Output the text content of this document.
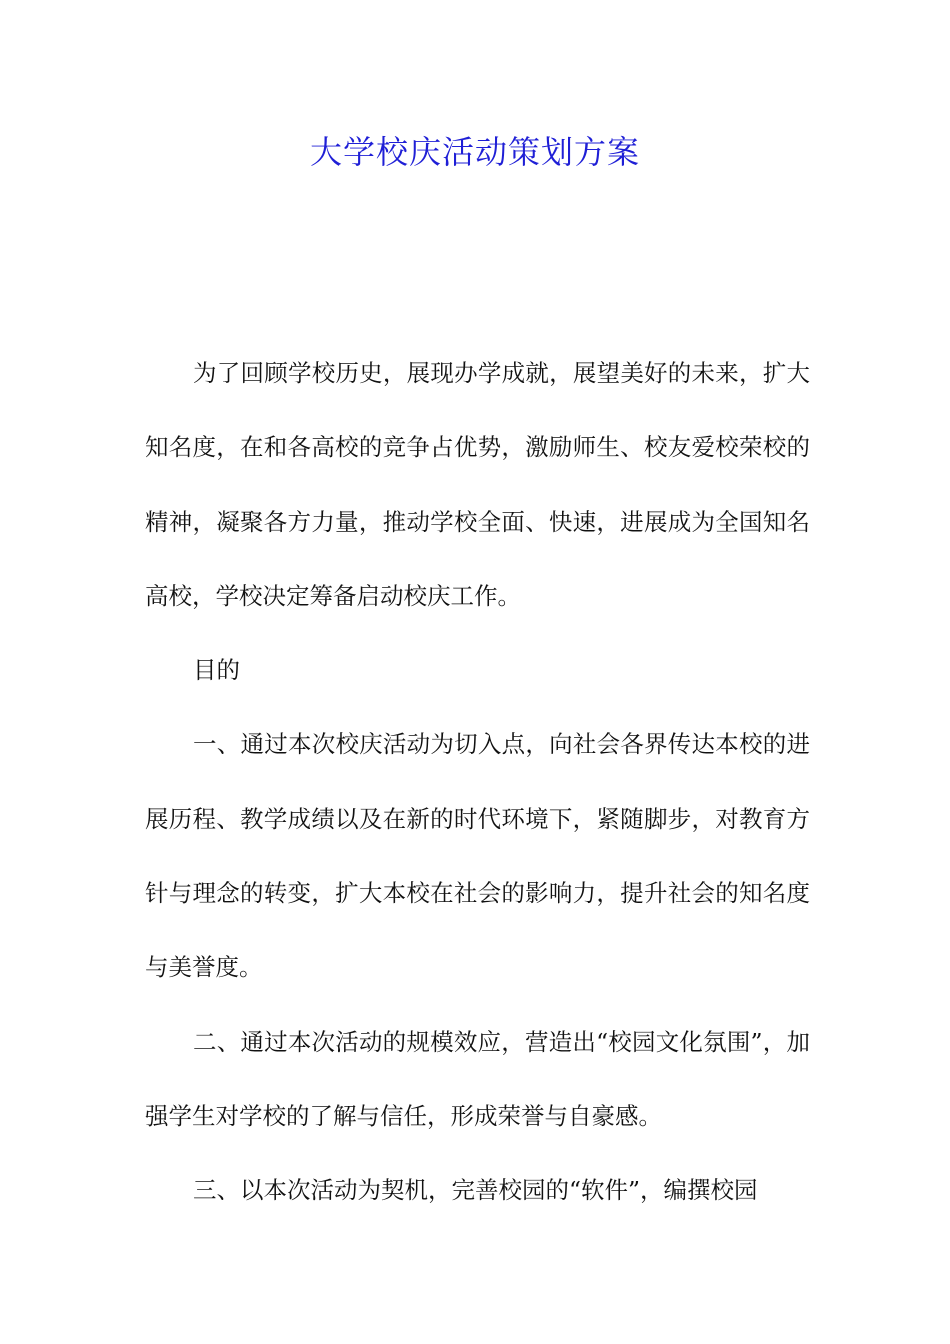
大学校庆活动策划方案

为了回顾学校历史，展现办学成就，展望美好的未来，扩大知名度，在和各高校的竞争占优势，激励师生、校友爱校荣校的精神，凝聚各方力量，推动学校全面、快速，进展成为全国知名高校，学校决定筹备启动校庆工作。

目的

一、通过本次校庆活动为切入点，向社会各界传达本校的进展历程、教学成绩以及在新的时代环境下，紧随脚步，对教育方针与理念的转变，扩大本校在社会的影响力，提升社会的知名度与美誉度。

二、通过本次活动的规模效应，营造出“校园文化氛围”，加强学生对学校的了解与信任，形成荣誉与自豪感。

三、以本次活动为契机，完善校园的“软件”，编撰校园
